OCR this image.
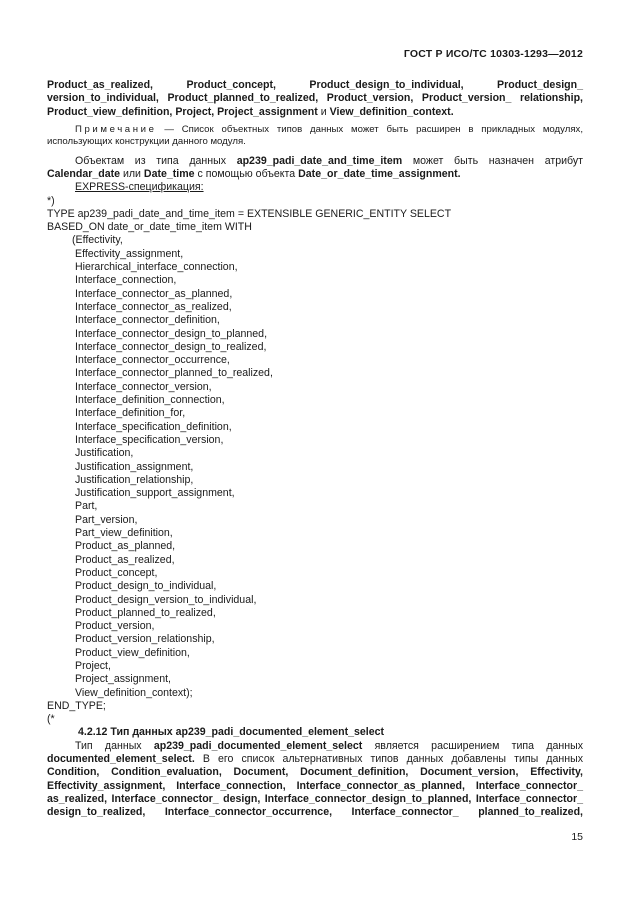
ГОСТ Р ИСО/ТС 10303-1293—2012

Product_as_realized, Product_concept, Product_design_to_individual, Product_design_

version_to_individual, Product_planned_to_realized, Product_version, Product_version_ relationship,

Product_view_definition, Project, Project_assignment и View_definition_context.

Примечание — Список объектных типов данных может быть расширен в прикладных модулях,

использующих конструкции данного модуля.

Объектам из типа данных ap239_padi_date_and_time_item может быть назначен атрибут

Calendar_date или Date_time с помощью объекта Date_or_date_time_assignment.

EXPRESS-спецификация:

*)
TYPE ap239_padi_date_and_time_item = EXTENSIBLE GENERIC_ENTITY SELECT
BASED_ON date_or_date_time_item WITH
(Effectivity,
Effectivity_assignment,
Hierarchical_interface_connection,
Interface_connection,
Interface_connector_as_planned,
Interface_connector_as_realized,
Interface_connector_definition,
Interface_connector_design_to_planned,
Interface_connector_design_to_realized,
Interface_connector_occurrence,
Interface_connector_planned_to_realized,
Interface_connector_version,
Interface_definition_connection,
Interface_definition_for,
Interface_specification_definition,
Interface_specification_version,
Justification,
Justification_assignment,
Justification_relationship,
Justification_support_assignment,
Part,
Part_version,
Part_view_definition,
Product_as_planned,
Product_as_realized,
Product_concept,
Product_design_to_individual,
Product_design_version_to_individual,
Product_planned_to_realized,
Product_version,
Product_version_relationship,
Product_view_definition,
Project,
Project_assignment,
View_definition_context);
END_TYPE;
(*

4.2.12 Тип данных ap239_padi_documented_element_select

Тип данных ap239_padi_documented_element_select является расширением типа данных

documented_element_select. В его список альтернативных типов данных добавлены типы данных

Condition, Condition_evaluation, Document, Document_definition, Document_version, Effectivity,

Effectivity_assignment, Interface_connection, Interface_connector_as_planned, Interface_connector_

as_realized, Interface_connector_ design, Interface_connector_design_to_planned, Interface_connector_

design_to_realized, Interface_connector_occurrence, Interface_connector_ planned_to_realized,

15
